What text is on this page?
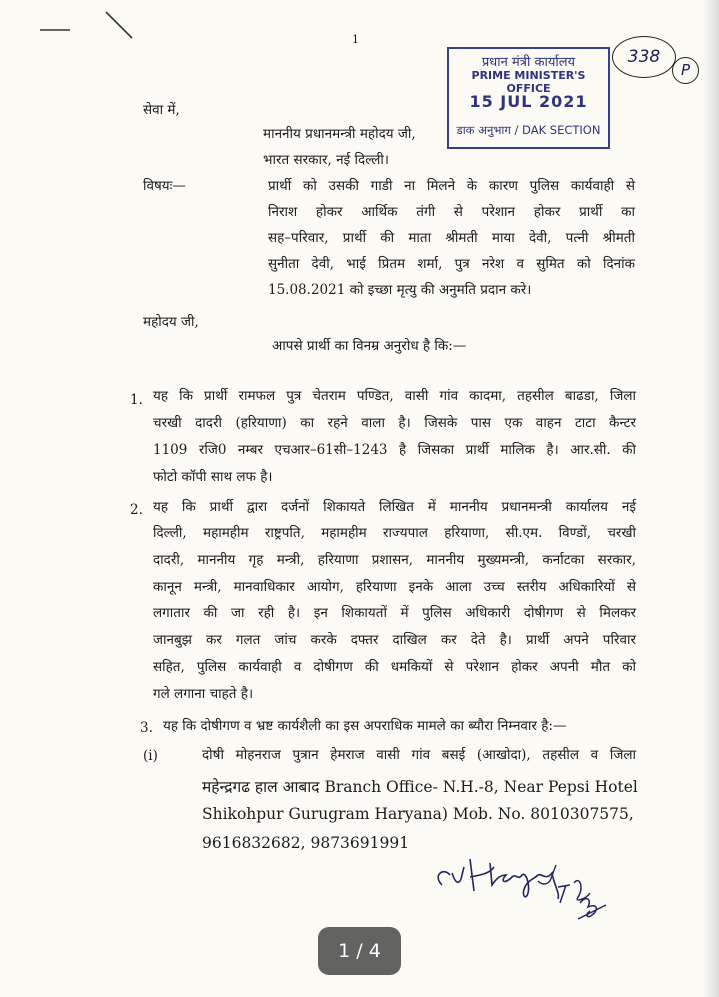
1
प्रधान मंत्री कार्यालय
PRIME MINISTER'S OFFICE
15 JUL 2021
डाक अनुभाग / DAK SECTION
338
P
सेवा में,
माननीय प्रधानमन्त्री महोदय जी,
भारत सरकार, नई दिल्ली।
विषयः—	प्रार्थी को उसकी गाडी ना मिलने के कारण पुलिस कार्यवाही से
निराश होकर आर्थिक तंगी से परेशान होकर प्रार्थी का
सह–परिवार, प्रार्थी की माता श्रीमती माया देवी, पत्नी श्रीमती
सुनीता देवी, भाई प्रितम शर्मा, पुत्र नरेश व सुमित को दिनांक
15.08.2021 को इच्छा मृत्यु की अनुमति प्रदान करे।
महोदय जी,
आपसे प्रार्थी का विनम्र अनुरोध है कि:—
1. यह कि प्रार्थी रामफल पुत्र चेतराम पण्डित, वासी गांव कादमा, तहसील बाढडा, जिला
चरखी दादरी (हरियाणा) का रहने वाला है। जिसके पास एक वाहन टाटा कैन्टर
1109 रजि0 नम्बर एचआर–61सी–1243 है जिसका प्रार्थी मालिक है। आर.सी. की
फोटो कॉपी साथ लफ है।
2. यह कि प्रार्थी द्वारा दर्जनों शिकायते लिखित में माननीय प्रधानमन्त्री कार्यालय नई
दिल्ली, महामहीम राष्ट्रपति, महामहीम राज्यपाल हरियाणा, सी.एम. विण्डों, चरखी
दादरी, माननीय गृह मन्त्री, हरियाणा प्रशासन, माननीय मुख्यमन्त्री, कर्नाटका सरकार,
कानून मन्त्री, मानवाधिकार आयोग, हरियाणा इनके आला उच्च स्तरीय अधिकारियों से
लगातार की जा रही है। इन शिकायतों में पुलिस अधिकारी दोषीगण से मिलकर
जानबुझ कर गलत जांच करके दफ्तर दाखिल कर देते है। प्रार्थी अपने परिवार
सहित, पुलिस कार्यवाही व दोषीगण की धमकियों से परेशान होकर अपनी मौत को
गले लगाना चाहते है।
3. यह कि दोषीगण व भ्रष्ट कार्यशैली का इस अपराधिक मामले का ब्यौरा निम्नवार है:—
(i)	दोषी मोहनराज पुत्रान हेमराज वासी गांव बसई (आखोदा), तहसील व जिला
महेन्द्रगढ हाल आबाद Branch Office- N.H.-8, Near Pepsi Hotel
Shikohpur Gurugram Haryana) Mob. No. 8010307575,
9616832682, 9873691991
1 / 4
